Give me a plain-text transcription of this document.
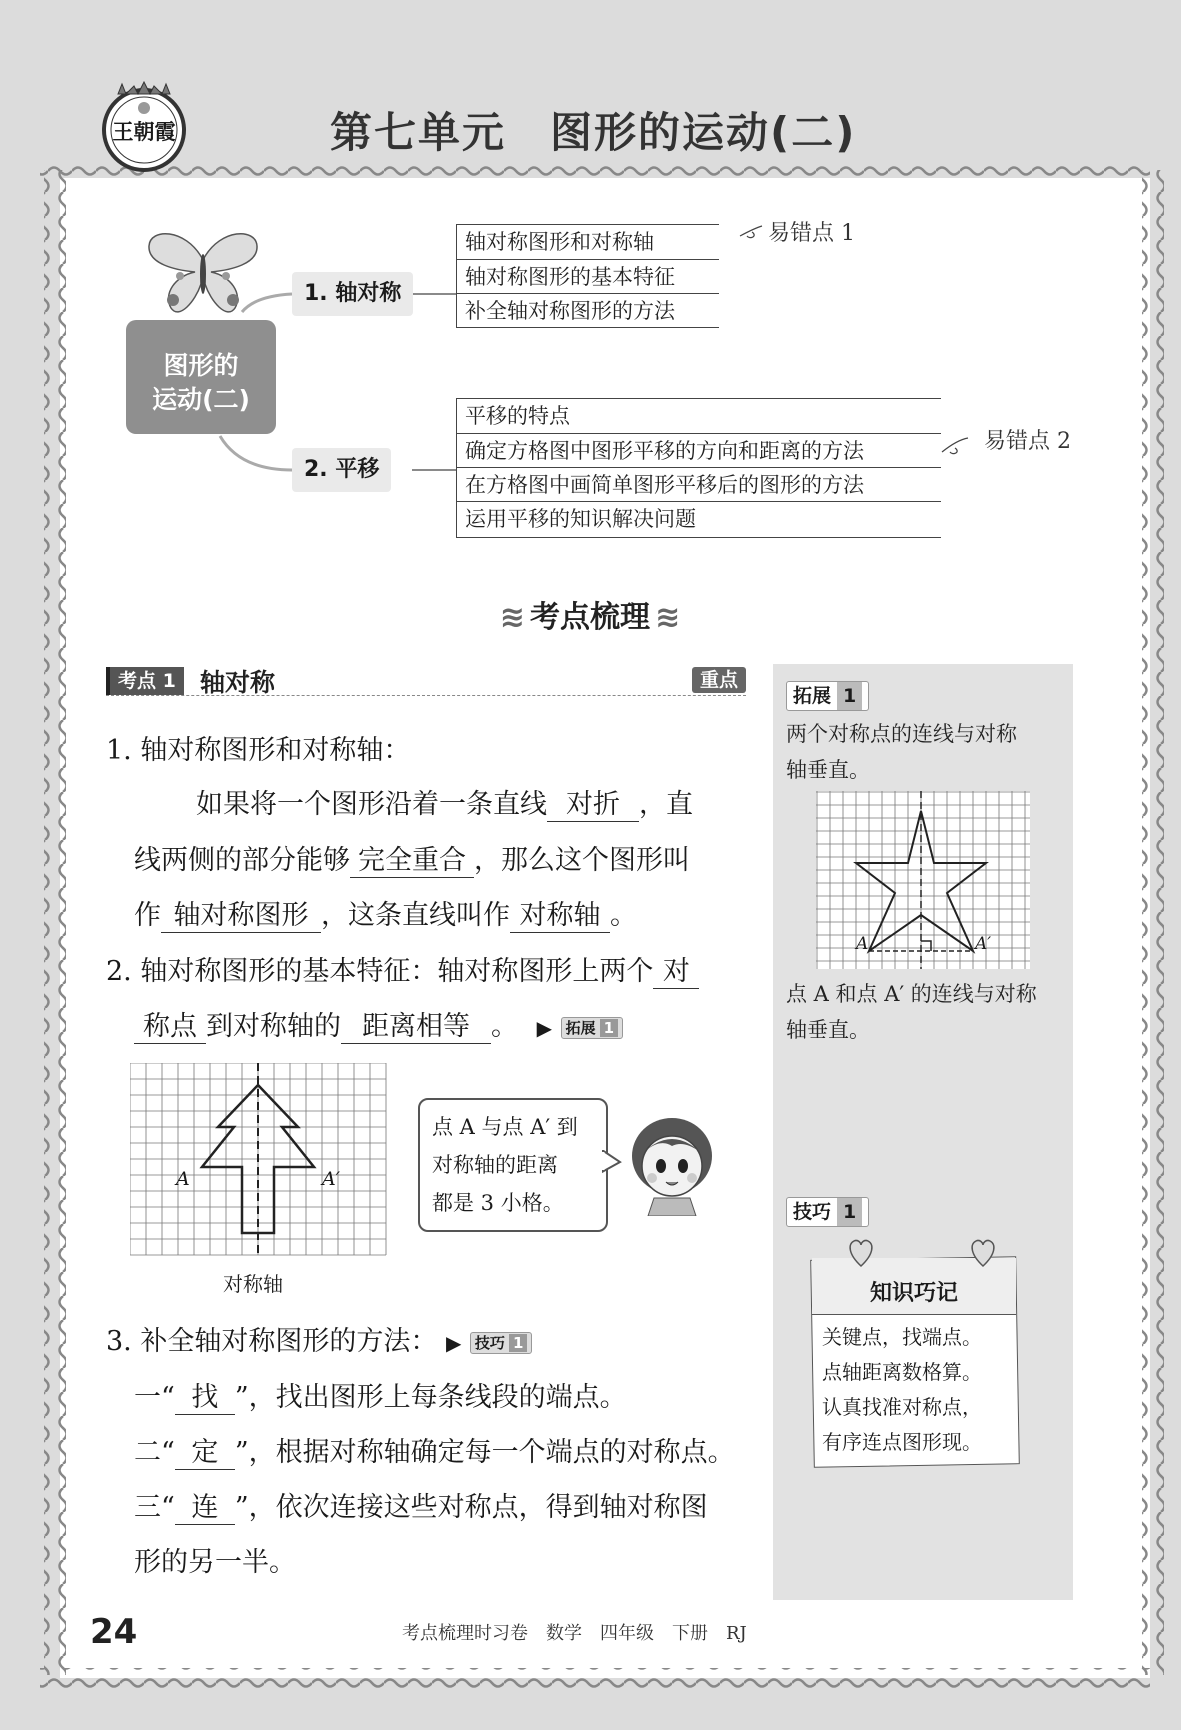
王朝霞	第七单元　图形的运动(二)
图形的
运动(二)
1. 轴对称
轴对称图形和对称轴
轴对称图形的基本特征
补全轴对称图形的方法
易错点 1
2. 平移
平移的特点
确定方格图中图形平移的方向和距离的方法
在方格图中画简单图形平移后的图形的方法
运用平移的知识解决问题
易错点 2
≋ 考点梳理 ≋
考点 1 轴对称	重点
1. 轴对称图形和对称轴：
如果将一个图形沿着一条直线 对折 ，直
线两侧的部分能够 完全重合 ，那么这个图形叫
作 轴对称图形 ，这条直线叫作 对称轴 。
2. 轴对称图形的基本特征：轴对称图形上两个 对
称点 到对称轴的 距离相等 。 ▶ 拓展 1
A	A′
对称轴
点 A 与点 A′ 到
对称轴的距离
都是 3 小格。
3. 补全轴对称图形的方法： ▶ 技巧 1
一“ 找 ”，找出图形上每条线段的端点。
二“ 定 ”，根据对称轴确定每一个端点的对称点。
三“ 连 ”，依次连接这些对称点，得到轴对称图
形的另一半。
拓展 1
两个对称点的连线与对称
轴垂直。
A	A′
点 A 和点 A′ 的连线与对称
轴垂直。
技巧 1
知识巧记
关键点，找端点。
点轴距离数格算。
认真找准对称点，
有序连点图形现。
24	考点梳理时习卷　数学　四年级　下册　RJ
